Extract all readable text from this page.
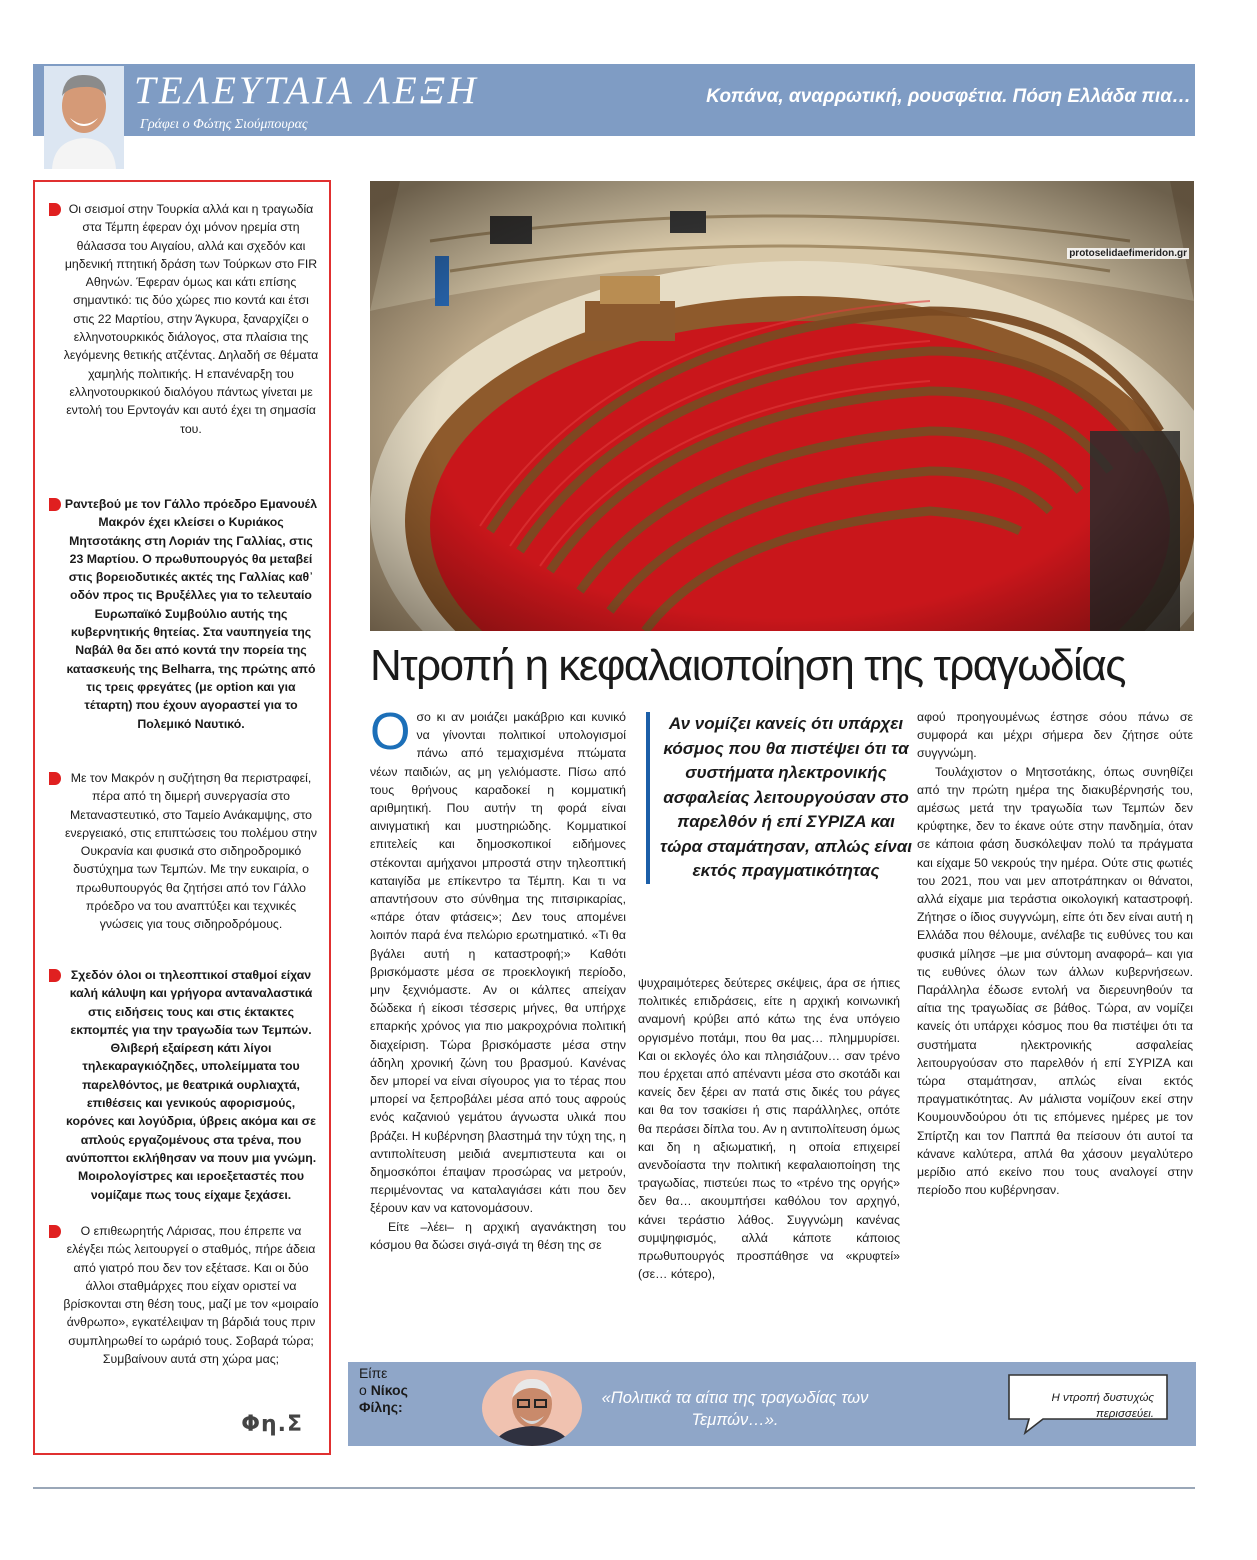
ΤΕΛΕΥΤΑΙΑ ΛΕΞΗ
Γράφει ο Φώτης Σιούμπουρας
Κοπάνα, αναρρωτική, ρουσφέτια. Πόση Ελλάδα πια…
Οι σεισμοί στην Τουρκία αλλά και η τραγωδία στα Τέμπη έφεραν όχι μόνον ηρεμία στη θάλασσα του Αιγαίου, αλλά και σχεδόν και μηδενική πτητική δράση των Τούρκων στο FIR Αθηνών. Έφεραν όμως και κάτι επίσης σημαντικό: τις δύο χώρες πιο κοντά και έτσι στις 22 Μαρτίου, στην Άγκυρα, ξαναρχίζει ο ελληνοτουρκικός διάλογος, στα πλαίσια της λεγόμενης θετικής ατζέντας. Δηλαδή σε θέματα χαμηλής πολιτικής. Η επανέναρξη του ελληνοτουρκικού διαλόγου πάντως γίνεται με εντολή του Ερντογάν και αυτό έχει τη σημασία του.
Ραντεβού με τον Γάλλο πρόεδρο Εμανουέλ Μακρόν έχει κλείσει ο Κυριάκος Μητσοτάκης στη Λοριάν της Γαλλίας, στις 23 Μαρτίου. Ο πρωθυπουργός θα μεταβεί στις βορειοδυτικές ακτές της Γαλλίας καθ᾽ οδόν προς τις Βρυξέλλες για το τελευταίο Ευρωπαϊκό Συμβούλιο αυτής της κυβερνητικής θητείας. Στα ναυπηγεία της Ναβάλ θα δει από κοντά την πορεία της κατασκευής της Belharra, της πρώτης από τις τρεις φρεγάτες (με option και για τέταρτη) που έχουν αγοραστεί για το Πολεμικό Ναυτικό.
Με τον Μακρόν η συζήτηση θα περιστραφεί, πέρα από τη διμερή συνεργασία στο Μεταναστευτικό, στο Ταμείο Ανάκαμψης, στο ενεργειακό, στις επιπτώσεις του πολέμου στην Ουκρανία και φυσικά στο σιδηροδρομικό δυστύχημα των Τεμπών. Με την ευκαιρία, ο πρωθυπουργός θα ζητήσει από τον Γάλλο πρόεδρο να του αναπτύξει και τεχνικές γνώσεις για τους σιδηροδρόμους.
Σχεδόν όλοι οι τηλεοπτικοί σταθμοί είχαν καλή κάλυψη και γρήγορα ανταναλαστικά στις ειδήσεις τους και στις έκτακτες εκπομπές για την τραγωδία των Τεμπών. Θλιβερή εξαίρεση κάτι λίγοι τηλεκαραγκιόζηδες, υπολείμματα του παρελθόντος, με θεατρικά ουρλιαχτά, επιθέσεις και γενικούς αφορισμούς, κορόνες και λογύδρια, ύβρεις ακόμα και σε απλούς εργαζομένους στα τρένα, που ανύποπτοι εκλήθησαν να πουν μια γνώμη. Μοιρολογίστρες και ιεροεξεταστές που νομίζαμε πως τους είχαμε ξεχάσει.
Ο επιθεωρητής Λάρισας, που έπρεπε να ελέγξει πώς λειτουργεί ο σταθμός, πήρε άδεια από γιατρό που δεν τον εξέτασε. Και οι δύο άλλοι σταθμάρχες που είχαν οριστεί να βρίσκονται στη θέση τους, μαζί με τον «μοιραίο άνθρωπο», εγκατέλειψαν τη βάρδιά τους πριν συμπληρωθεί το ωράριό τους. Σοβαρά τώρα; Συμβαίνουν αυτά στη χώρα μας;
Φη.Σ
protoselidaefimeridon.gr
Ντροπή η κεφαλαιοποίηση της τραγωδίας
Ο σο κι αν μοιάζει μακάβριο και κυνικό να γίνονται πολιτικοί υπολογισμοί πάνω από τεμαχισμένα πτώματα νέων παιδιών, ας μη γελιόμαστε. Πίσω από τους θρήνους καραδοκεί η κομματική αριθμητική. Που αυτήν τη φορά είναι αινιγματική και μυστηριώδης. Κομματικοί επιτελείς και δημοσκοπικοί ειδήμονες στέκονται αμήχανοι μπροστά στην τηλεοπτική καταιγίδα με επίκεντρο τα Τέμπη. Και τι να απαντήσουν στο σύνθημα της πιτσιρικαρίας, «πάρε όταν φτάσεις»; Δεν τους απομένει λοιπόν παρά ένα πελώριο ερωτηματικό. «Τι θα βγάλει αυτή η καταστροφή;» Καθότι βρισκόμαστε μέσα σε προεκλογική περίοδο, μην ξεχνιόμαστε. Αν οι κάλπες απείχαν δώδεκα ή είκοσι τέσσερις μήνες, θα υπήρχε επαρκής χρόνος για πιο μακροχρόνια πολιτική διαχείριση. Τώρα βρισκόμαστε μέσα στην άδηλη χρονική ζώνη του βρασμού. Κανένας δεν μπορεί να είναι σίγουρος για το τέρας που μπορεί να ξεπροβάλει μέσα από τους αφρούς ενός καζανιού γεμάτου άγνωστα υλικά που βράζει. Η κυβέρνηση βλαστημά την τύχη της, η αντιπολίτευση μειδιά ανεμπιστευτα και οι δημοσκόποι έπαψαν προσώρας να μετρούν, περιμένοντας να καταλαγιάσει κάτι που δεν ξέρουν καν να κατονομάσουν.

Είτε –λέει– η αρχική αγανάκτηση του κόσμου θα δώσει σιγά-σιγά τη θέση της σε

Αν νομίζει κανείς ότι υπάρχει κόσμος που θα πιστέψει ότι τα συστήματα ηλεκτρονικής ασφαλείας λειτουργούσαν στο παρελθόν ή επί ΣΥΡΙΖΑ και τώρα σταμάτησαν, απλώς είναι εκτός πραγματικότητας

ψυχραιμότερες δεύτερες σκέψεις, άρα σε ήπιες πολιτικές επιδράσεις, είτε η αρχική κοινωνική αναμονή κρύβει από κάτω της ένα υπόγειο οργισμένο ποτάμι, που θα μας… πλημμυρίσει. Και οι εκλογές όλο και πλησιάζουν… σαν τρένο που έρχεται από απέναντι μέσα στο σκοτάδι και κανείς δεν ξέρει αν πατά στις δικές του ράγες και θα τον τσακίσει ή στις παράλληλες, οπότε θα περάσει δίπλα του. Αν η αντιπολίτευση όμως και δη η αξιωματική, η οποία επιχειρεί ανενδοίαστα την πολιτική κεφαλαιοποίηση της τραγωδίας, πιστεύει πως το «τρένο της οργής» δεν θα… ακουμπήσει καθόλου τον αρχηγό, κάνει τεράστιο λάθος. Συγγνώμη κανένας συμψηφισμός, αλλά κάποτε κάποιος πρωθυπουργός προσπάθησε να «κρυφτεί» (σε… κότερο),

αφού προηγουμένως έστησε σόου πάνω σε συμφορά και μέχρι σήμερα δεν ζήτησε ούτε συγγνώμη.

Τουλάχιστον ο Μητσοτάκης, όπως συνηθίζει από την πρώτη ημέρα της διακυβέρνησής του, αμέσως μετά την τραγωδία των Τεμπών δεν κρύφτηκε, δεν το έκανε ούτε στην πανδημία, όταν σε κάποια φάση δυσκόλεψαν πολύ τα πράγματα και είχαμε 50 νεκρούς την ημέρα. Ούτε στις φωτιές του 2021, που ναι μεν αποτράπηκαν οι θάνατοι, αλλά είχαμε μια τεράστια οικολογική καταστροφή. Ζήτησε ο ίδιος συγγνώμη, είπε ότι δεν είναι αυτή η Ελλάδα που θέλουμε, ανέλαβε τις ευθύνες του και φυσικά μίλησε –με μια σύντομη αναφορά– και για τις ευθύνες όλων των άλλων κυβερνήσεων. Παράλληλα έδωσε εντολή να διερευνηθούν τα αίτια της τραγωδίας σε βάθος. Τώρα, αν νομίζει κανείς ότι υπάρχει κόσμος που θα πιστέψει ότι τα συστήματα ηλεκτρονικής ασφαλείας λειτουργούσαν στο παρελθόν ή επί ΣΥΡΙΖΑ και τώρα σταμάτησαν, απλώς είναι εκτός πραγματικότητας. Αν μάλιστα νομίζουν εκεί στην Κουμουνδούρου ότι τις επόμενες ημέρες με τον Σπίρτζη και τον Παππά θα πείσουν ότι αυτοί τα κάνανε καλύτερα, απλά θα χάσουν μεγαλύτερο μερίδιο από εκείνο που τους αναλογεί στην περίοδο που κυβέρνησαν.

Είπε
ο Νίκος
Φίλης:	«Πολιτικά τα αίτια της τραγωδίας των Τεμπών…».
Η ντροπή δυστυχώς περισσεύει.
